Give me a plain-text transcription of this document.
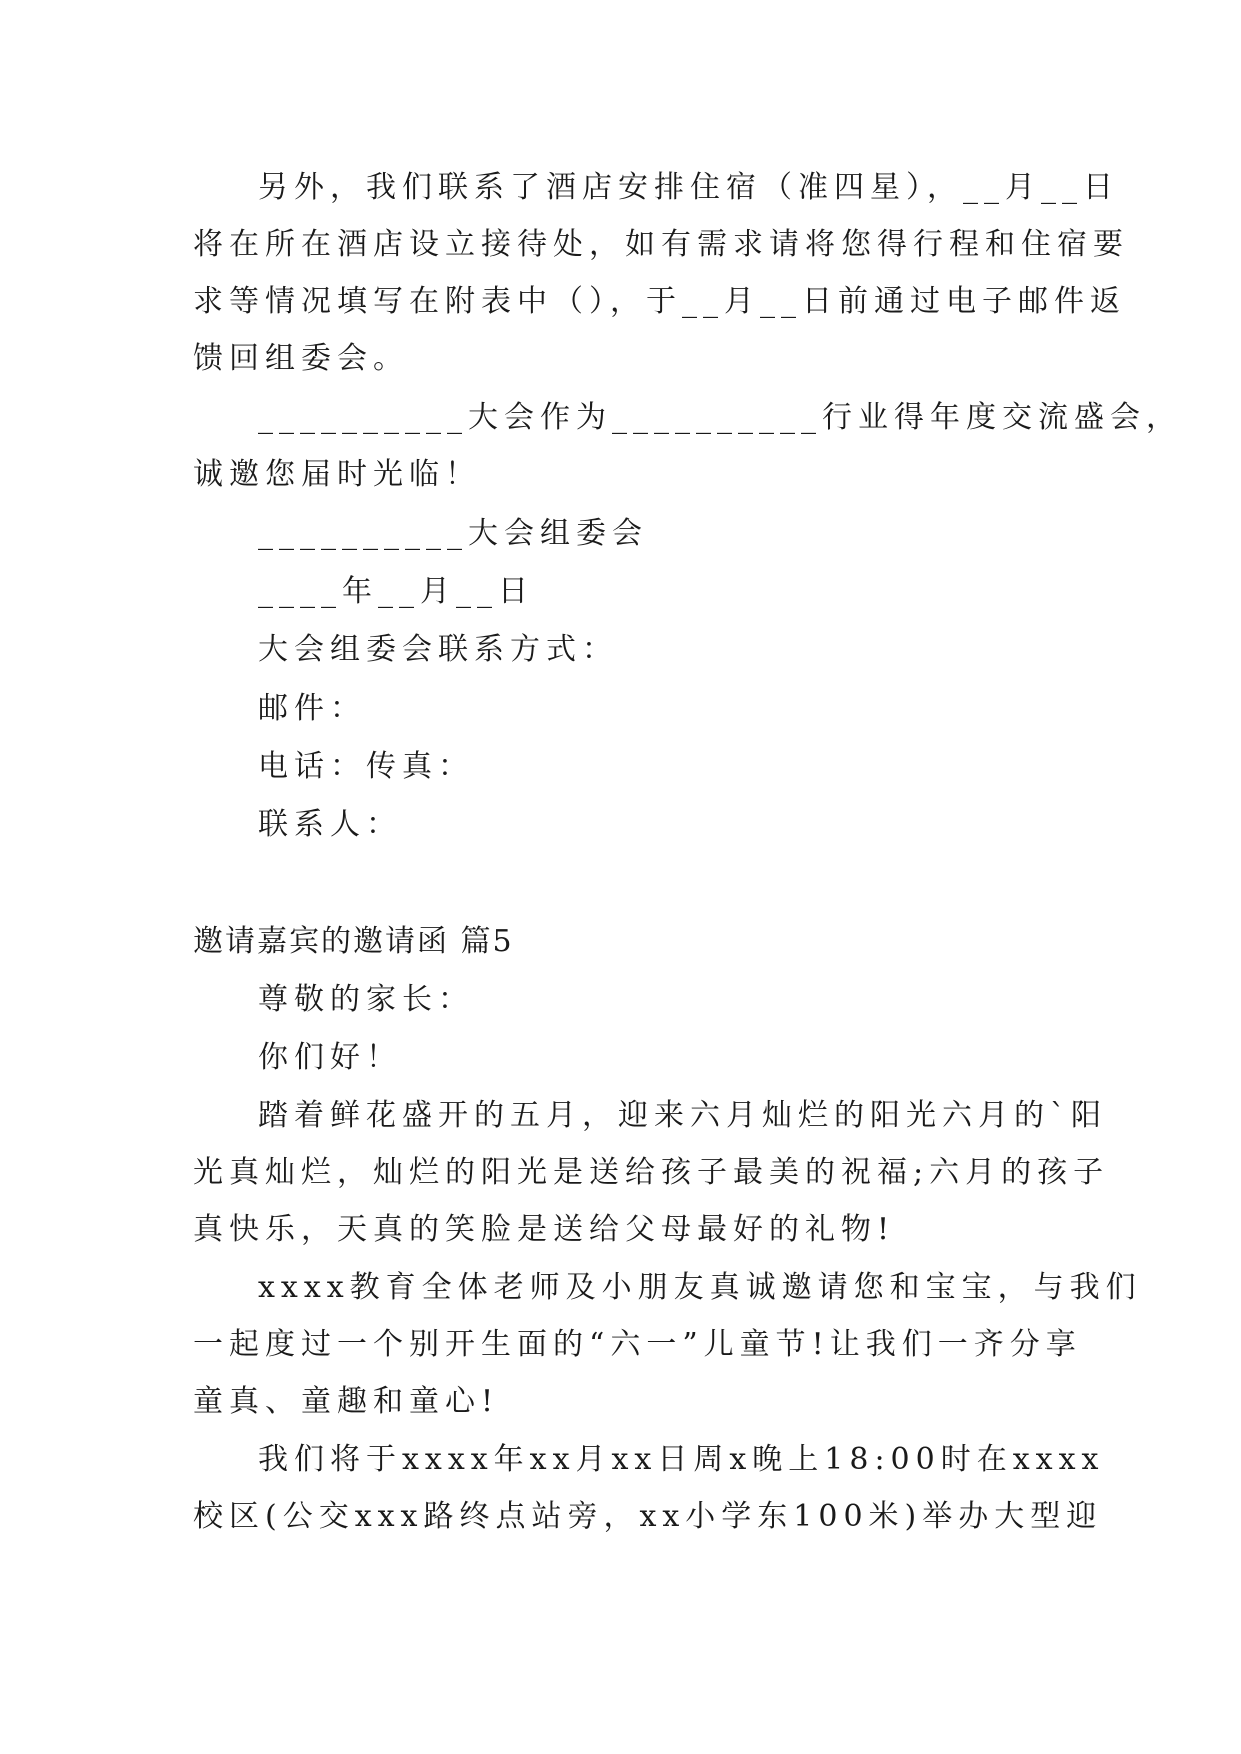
另外，我们联系了酒店安排住宿（准四星），__月__日
将在所在酒店设立接待处，如有需求请将您得行程和住宿要
求等情况填写在附表中（），于__月__日前通过电子邮件返
馈回组委会。
__________大会作为__________行业得年度交流盛会，
诚邀您届时光临！
__________大会组委会
____年__月__日
大会组委会联系方式：
邮件：
电话：传真：
联系人：
邀请嘉宾的邀请函 篇5
尊敬的家长：
你们好！
踏着鲜花盛开的五月，迎来六月灿烂的阳光六月的`阳
光真灿烂，灿烂的阳光是送给孩子最美的祝福;六月的孩子
真快乐，天真的笑脸是送给父母最好的礼物!
xxxx教育全体老师及小朋友真诚邀请您和宝宝，与我们
一起度过一个别开生面的“六一”儿童节!让我们一齐分享
童真、童趣和童心!
我们将于xxxx年xx月xx日周x晚上18:00时在xxxx
校区(公交xxx路终点站旁，xx小学东100米)举办大型迎
